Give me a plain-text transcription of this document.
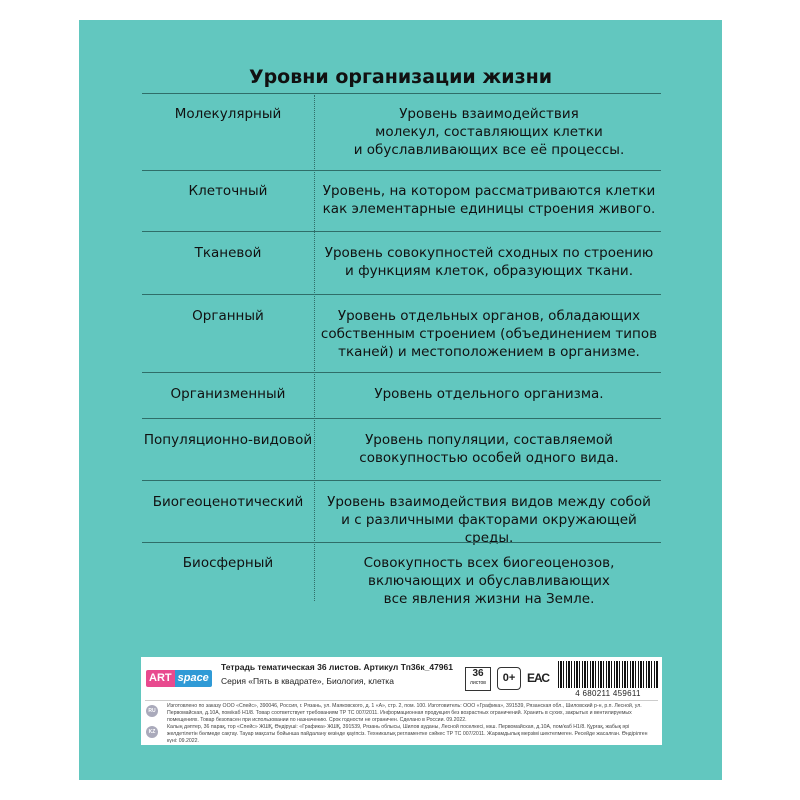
Уровни организации жизни
Молекулярный	Уровень взаимодействия
молекул, составляющих клетки
и обуславливающих все её процессы.
Клеточный	Уровень, на котором рассматриваются клетки
как элементарные единицы строения живого.
Тканевой	Уровень совокупностей сходных по строению
и функциям клеток, образующих ткани.
Органный	Уровень отдельных органов, обладающих
собственным строением (объединением типов
тканей) и местоположением в организме.
Организменный	Уровень отдельного организма.
Популяционно-видовой	Уровень популяции, составляемой
совокупностью особей одного вида.
Биогеоценотический	Уровень взаимодействия видов между собой
и с различными факторами окружающей среды.
Биосферный	Совокупность всех биогеоценозов,
включающих и обуславливающих
все явления жизни на Земле.
ART space
Тетрадь тематическая 36 листов. Артикул Тп36к_47961
Серия «Пять в квадрате», Биология, клетка
36
листов	0+ ЕАС
4 680211 459611
RU
Изготовлено по заказу ООО «Спейс», 390046, Россия, г. Рязань, ул. Маяковского, д. 1 «А», стр. 2, пом. 100. Изготовитель: ООО «Графика», 391539, Рязанская обл., Шиловский р-н, р.п. Лесной, ул. Первомайская, д.10А, пом/каб Н1/8. Товар соответствует требованиям ТР ТС 007/2011. Информационная продукция без возрастных ограничений. Хранить в сухих, закрытых и вентилируемых помещениях. Товар безопасен при использовании по назначению. Срок годности не ограничен. Сделано в России. 09.2022.
KZ
Калың дәптер, 36 парақ, тор «Спейс» ЖШҚ, Өндіруші: «Графика» ЖШҚ, 391539, Рязань облысы, Шилов ауданы, Лесной поселкесі, көш. Первомайская, д.10А, пом/каб Н1/8. Құрғақ, жабық әрі желдетілетін бөлмеде сақтау. Тауар мақсаты бойынша пайдалану кезінде қауіпсіз. Техникалық регламентке сәйкес ТР ТС 007/2011. Жарамдылық мерзімі шектелмеген. Ресейде жасалған. Өндірілген күні: 09.2022.
